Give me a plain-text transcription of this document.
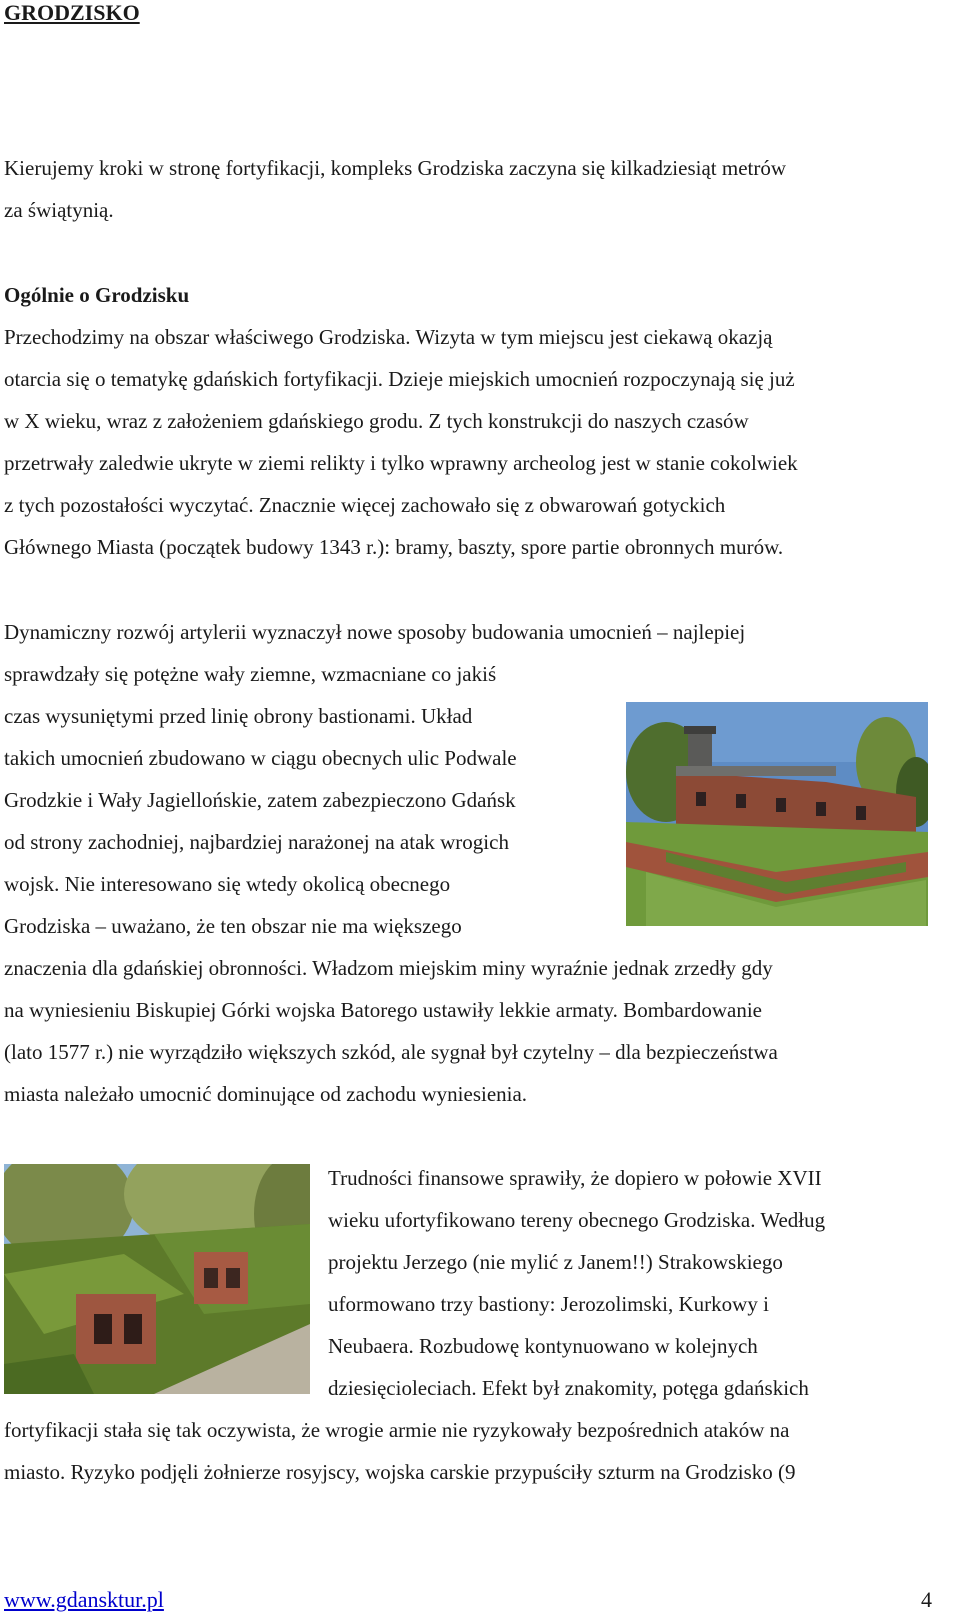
GRODZISKO
Kierujemy kroki w stronę fortyfikacji, kompleks Grodziska zaczyna się kilkadziesiąt metrów
za świątynią.
Ogólnie o Grodzisku
Przechodzimy na obszar właściwego Grodziska. Wizyta w tym miejscu jest ciekawą okazją
otarcia się o tematykę gdańskich fortyfikacji. Dzieje miejskich umocnień rozpoczynają się już
w X wieku, wraz z założeniem gdańskiego grodu. Z tych konstrukcji do naszych czasów
przetrwały zaledwie ukryte w ziemi relikty i tylko wprawny archeolog jest w stanie cokolwiek
z tych pozostałości wyczytać. Znacznie więcej zachowało się z obwarowań gotyckich
Głównego Miasta (początek budowy 1343 r.): bramy, baszty, spore partie obronnych murów.
Dynamiczny rozwój artylerii wyznaczył nowe sposoby budowania umocnień – najlepiej
sprawdzały się potężne wały ziemne, wzmacniane co jakiś
czas wysuniętymi przed linię obrony bastionami. Układ
takich umocnień zbudowano w ciągu obecnych ulic Podwale
Grodzkie i Wały Jagiellońskie, zatem zabezpieczono Gdańsk
od strony zachodniej, najbardziej narażonej na atak wrogich
wojsk. Nie interesowano się wtedy okolicą obecnego
Grodziska – uważano, że ten obszar nie ma większego
znaczenia dla gdańskiej obronności. Władzom miejskim miny wyraźnie jednak zrzedły gdy
na wyniesieniu Biskupiej Górki wojska Batorego ustawiły lekkie armaty. Bombardowanie
(lato 1577 r.) nie wyrządziło większych szkód, ale sygnał był czytelny – dla bezpieczeństwa
miasta należało umocnić dominujące od zachodu wyniesienia.
Trudności finansowe sprawiły, że dopiero w połowie XVII
wieku ufortyfikowano tereny obecnego Grodziska. Według
projektu Jerzego (nie mylić z Janem!!) Strakowskiego
uformowano trzy bastiony: Jerozolimski, Kurkowy i
Neubaera. Rozbudowę kontynuowano w kolejnych
dziesięcioleciach. Efekt był znakomity, potęga gdańskich
fortyfikacji stała się tak oczywista, że wrogie armie nie ryzykowały bezpośrednich ataków na
miasto. Ryzyko podjęli żołnierze rosyjscy, wojska carskie przypuściły szturm na Grodzisko (9
www.gdansktur.pl	4
